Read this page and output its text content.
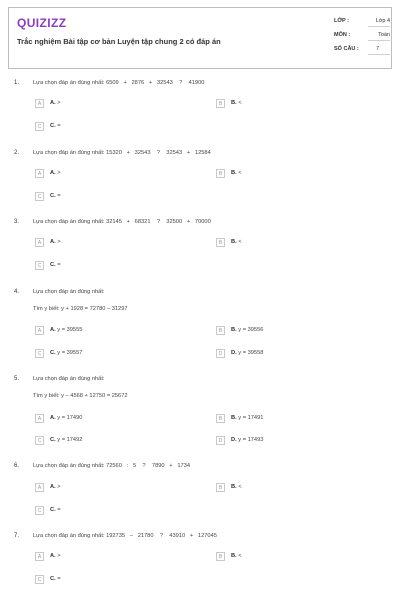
QUIZIZZ
Trắc nghiệm Bài tập cơ bản Luyện tập chung 2 có đáp án
LỚP :	Lớp 4
MÔN :	Toán
SỐ CÂU :	7
1. Lựa chọn đáp án đúng nhất: 6509   +   2876   +   32543    ?    41900
A	A. >	B	B. <
C	C. =
2. Lựa chọn đáp án đúng nhất: 15320   +   32543    ?    32543   +   12584
A	A. >	B	B. <
C	C. =
3. Lựa chọn đáp án đúng nhất: 32145   +   68321    ?    32500   +   70000
A	A. >	B	B. <
C	C. =
4. Lựa chọn đáp án đúng nhất:
Tìm y biết: y + 1928 = 72780 – 31297
A	A. y = 39555	B	B. y = 39556
C	C. y = 39557	D	D. y = 39558
5. Lựa chọn đáp án đúng nhất:
Tìm y biết: y – 4568 + 12750 = 25672
A	A. y = 17490	B	B. y = 17491
C	C. y = 17492	D	D. y = 17493
6. Lựa chọn đáp án đúng nhất: 72560   :   5    ?    7890   +   1734
A	A. >	B	B. <
C	C. =
7. Lựa chọn đáp án đúng nhất: 192735   –   21780    ?    43910   +   127045
A	A. >	B	B. <
C	C. =
